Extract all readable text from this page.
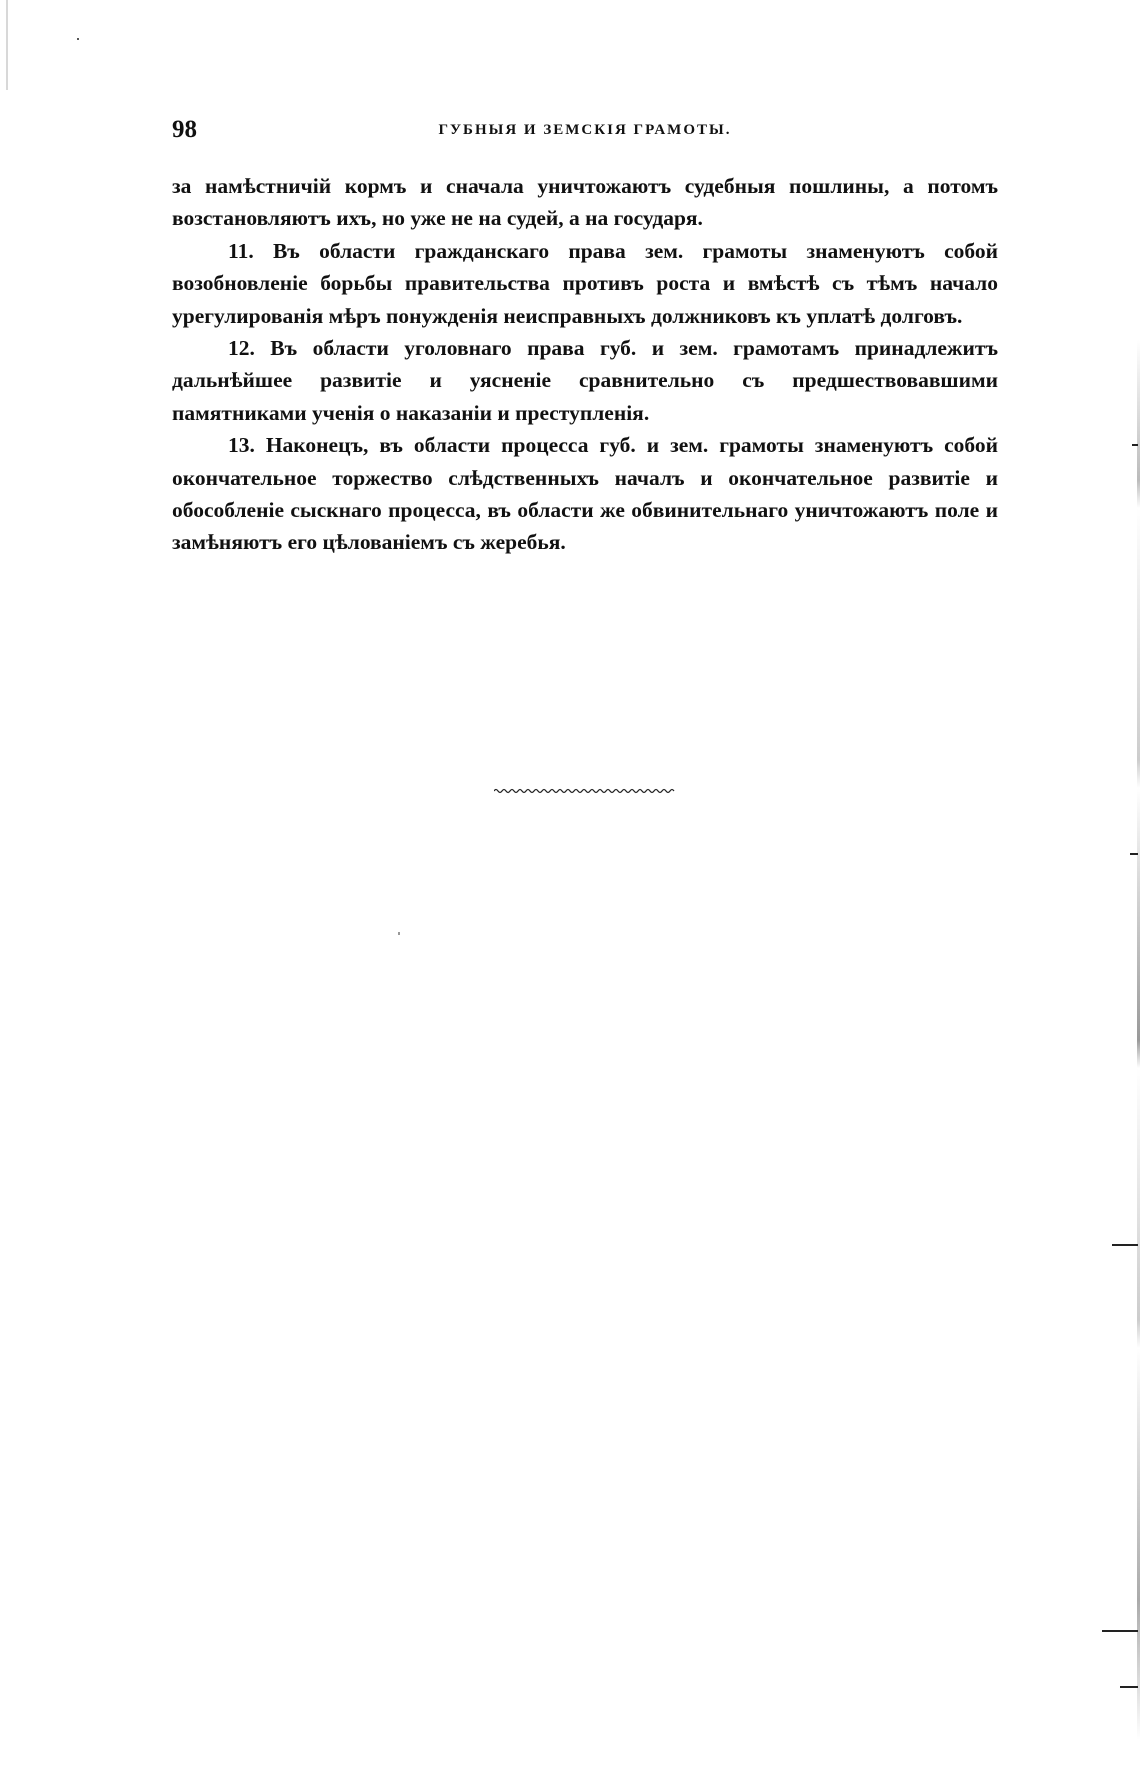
98	ГУБНЫЯ И ЗЕМСКІЯ ГРАМОТЫ.

за намѣстничій кормъ и сначала уничтожаютъ судебныя пошлины, а потомъ возстановляютъ ихъ, но уже не на судей, а на государя.

11. Въ области гражданскаго права зем. грамоты знаменуютъ собой возобновленіе борьбы правительства противъ роста и вмѣстѣ съ тѣмъ начало урегулированія мѣръ понужденія неисправныхъ должниковъ къ уплатѣ долговъ.

12. Въ области уголовнаго права губ. и зем. грамотамъ принадлежитъ дальнѣйшее развитіе и уясненіе сравнительно съ предшествовавшими памятниками ученія о наказаніи и преступленія.

13. Наконецъ, въ области процесса губ. и зем. грамоты знаменуютъ собой окончательное торжество слѣдственныхъ началъ и окончательное развитіе и обособленіе сыскнаго процесса, въ области же обвинительнаго уничтожаютъ поле и замѣняютъ его цѣлованіемъ съ жеребья.
